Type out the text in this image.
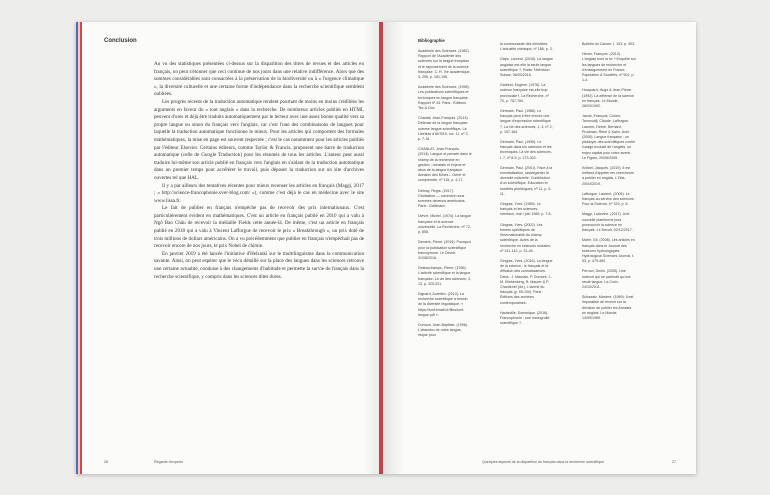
Conclusion

Au vu des statistiques présentées ci-dessus sur la disparition des titres de revues et des articles en français, on peut s'étonner que ceci continue de nos jours dans une relative indifférence. Alors que des sommes considérables sont consacrées à la préservation de la biodiversité ou à « l'urgence climatique », la diversité culturelle et une certaine forme d'indépendance dans la recherche scientifique semblent oubliées.

Les progrès récents de la traduction automatique rendent pourtant de moins en moins crédibles les arguments en faveur du « tout anglais » dans la recherche. De nombreux articles publiés en HTML peuvent d'ores et déjà être traduits automatiquement par le lecteur avec une assez bonne qualité vers sa propre langue ou sinon du français vers l'anglais, car c'est l'une des combinaisons de langues pour laquelle la traduction automatique fonctionne le mieux. Pour les articles qui comportent des formules mathématiques, la mise en page est souvent respectée ; c'est le cas notamment pour les articles publiés par l'éditeur Elsevier. Certains éditeurs, comme Taylor & Francis, proposent une barre de traduction automatique (celle de Google Traduction) pour les résumés de tous les articles. L'auteur peut aussi traduire lui-même son article publié en français vers l'anglais en s'aidant de la traduction automatique dans un premier temps pour accélérer le travail, puis déposer la traduction sur un site d'archives ouvertes tel que HAL.

Il y a par ailleurs des tentatives récentes pour mieux recenser les articles en français (Maggi, 2017 ; « http://science-francophonie.over-blog.com/ »), comme c'est déjà le cas en médecine avec le site www.lissa.fr.

Le fait de publier en français n'empêche pas de recevoir des prix internationaux. C'est particulièrement évident en mathématiques. C'est un article en français publié en 2010 qui a valu à Ngô Bao Châu de recevoir la médaille Fields cette année-là. De même, c'est un article en français publié en 2018 qui a valu à Vincent Lafforgue de recevoir le prix « Breakthrough », un prix doté de trois millions de dollars américains. On a vu précédemment que publier en français n'empêchait pas de recevoir encore de nos jours, le prix Nobel de chimie.

En janvier 2019 a été lancée l'initiative d'Helsinki sur le multilinguisme dans la communication savante. Ainsi, on peut espérer que le vécu détaillé sur la place des langues dans les sciences retrouve une certaine actualité, conduise à des changements d'habitude et permette la survie du français dans la recherche scientifique, y compris dans les sciences dites dures.

26	Regards d'experts
Bibliographie

Académie des Sciences. (1982). Rapport de l'Académie des sciences sur la langue française et le rayonnement de la science française. C. R. Vie académique, 3, 295, p. 181-196.

Académie des Sciences. (1998). Les publications scientifiques et techniques en langue française. Rapport nº 43. Paris : Éditions Tec & Doc.

Chantal, Jean-François. (2013). Défense de la langue française comme langue scientifique. La Libellule d'AESSS, vol. 11, nº 3, p. 7-16.

CHANLAT, Jean-François. (2014). Langue et pensée dans le champ de la recherche en gestion : constats et enjeux et abus de la langue française. Annales des Mines – Gérer et comprendre, nº 115, p. 4-17.

Debray, Régis. (2017). Civilisation — comment nous sommes devenus américains. Paris : Gallimard.

Diévre, Michel. (1974). La langue française et la science universelle. La Recherche, nº 72, p. 856.

Demers, Pierre. (2016). Pourquoi pour la publication scientifique francophone. Le Devoir, 31/08/2016.

Deslonchamps, Pierre. (1996). L'activité scientifique et la langue française. La vie des sciences, 3, 13, p. 325-331.

Dignard, Aurélien. (2013). La recherche scientifique a besoin de la diversité linguistique, « https://smf.emath.fr/files/smf-langue.pdf ».

Dumont, Jean-Baptiste. (1996). L'abandon de notre langue, risque pour

la communauté des chimistes. L'actualité chimique, nº 186, p. 3.

Gaps, Laurent. (2016). La langue anglaise est-elle la seule langue scientifique ?, Radio Télévision Suisse, 06/03/2016.

Garfield, Eugène. (1976). La science française est-elle trop provinciale?, La Recherche, nº 70, p. 757-760.

Germain, Paul. (1986). Le français peut-il être encore une langue d'expression scientifique ?, La vie des sciences, 1, 3, nº 2, p. 157-164.

Germain, Paul. (1995). Le français dans les sciences et les techniques. La vie des sciences, t. 7, nº 8-9, p. 273-302.

Germain, Paul. (2001). Face à la mondialisation, sauvegarder la diversité culturelle. Contribution d'un scientifique. Éducation et sociétés plurilingues, nº 11, p. 5-11.

Gingras, Yves. (1989). Le français et les sciences. Interface, mai / juin 1989, p. 7-8.

Gingras, Yves. (2002). Les formes spécifiques de l'internationalité du champ scientifique. Actes de la recherche en sciences sociales, nº 141-142, p. 31-45.

Gingras, Yves. (2016). La langue de la science : le français et la diffusion des connaissances. Dans : J. Maurais, P. Dumont, J.-M. Klinkenberg, B. Maurer & P. Chardenet (dir.), L'avenir du français (p. 95-100). Paris : Éditions des archives contemporaines.

Hauteville, Dominique. (2016). Francophonie : une incongruité scientifique ?,

Bulletin du Cancer, t. 103, p. 403.

Héran, François. (2013). L'anglais hors la loi ? Enquête sur les langues de recherche et d'enseignement en France. Population & Sociétés, nº 501, p. 1-4.

Hocquard, Hugo & Jean-Pierre. (1992). La défense de la science en français. Le Monde, 26/03/1992.

Jacob, François, Cohen-Tannoudji, Claude, Lafforgue, Laurent, Debré, Bernard, Prudman, René & Kahn, Axel. (2005). Langue française : un plaidoyer des scientifiques contre l'usage exclusif de l'anglais, un enjeu capital pour notre avenir. Le Figaro, 20/06/2005.

Knibiel, Jacques. (2019). Il est méfiant d'appeler les chercheurs à publier en anglais. L'Obs, 20/04/2019.

Lafforgue, Laurent. (2005). Le français au service des sciences. Pour la Science, nº 329, p. 8.

Maggi, Ludovine. (2017). Une nouvelle plateforme pour promouvoir la science en français. Le Devoir, 02/12/2017.

Mahé, Gil. (2008). Les articles en français dans le Journal des sciences hydrologiques. Hydrological Sciences Journal, t. 53, p. 479-484.

Pernon, Denis. (2005). Une science qui ne parlerait qu'une seule langue. La Croix, 24/10/2011.

Schwartz, Maxime. (1989). Il est impossible de revenir sur la décision de publier les Annales en anglais. Le Monde, 14/09/1989.

Quelques aspects de la disparition du français dans la recherche scientifique	27
